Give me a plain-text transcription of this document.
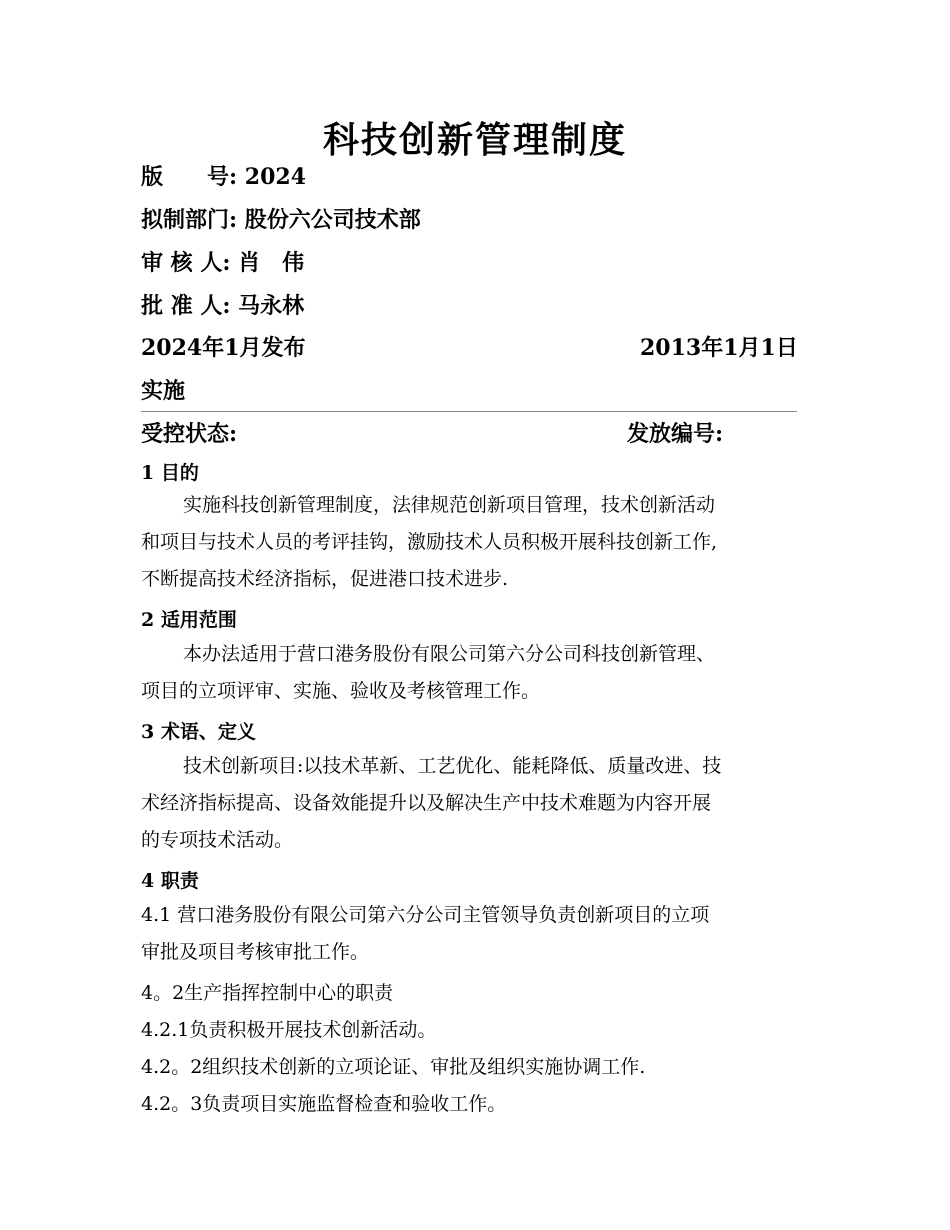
科技创新管理制度
版　　号: 2024
拟制部门: 股份六公司技术部
审 核 人: 肖　伟
批 准 人: 马永林
2024年1月发布	2013年1月1日
实施
受控状态:	发放编号:
1 目的
实施科技创新管理制度，法律规范创新项目管理，技术创新活动
和项目与技术人员的考评挂钩，激励技术人员积极开展科技创新工作,
不断提高技术经济指标，促进港口技术进步.
2 适用范围
本办法适用于营口港务股份有限公司第六分公司科技创新管理、
项目的立项评审、实施、验收及考核管理工作。
3 术语、定义
技术创新项目:以技术革新、工艺优化、能耗降低、质量改进、技
术经济指标提高、设备效能提升以及解决生产中技术难题为内容开展
的专项技术活动。
4 职责
4.1 营口港务股份有限公司第六分公司主管领导负责创新项目的立项
审批及项目考核审批工作。
4。2生产指挥控制中心的职责
4.2.1负责积极开展技术创新活动。
4.2。2组织技术创新的立项论证、审批及组织实施协调工作.
4.2。3负责项目实施监督检查和验收工作。
